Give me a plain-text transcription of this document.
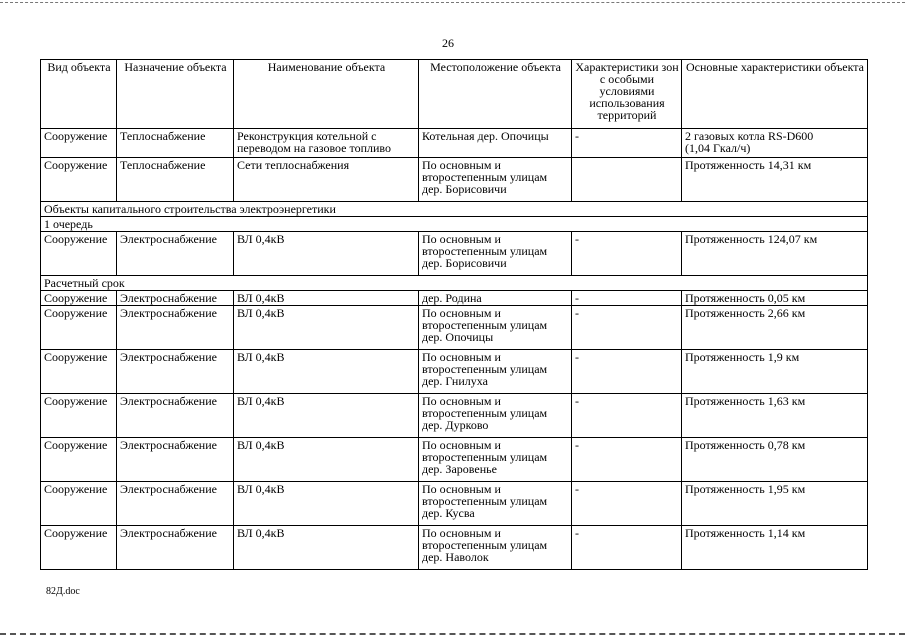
26
Вид объекта	Назначение объекта	Наименование объекта	Местоположение объекта	Характеристики зон с особыми условиями использования территорий	Основные характеристики объекта
Сооружение	Теплоснабжение	Реконструкция котельной с
переводом на газовое топливо	Котельная дер. Опочицы	-	2 газовых котла RS-D600
(1,04 Гкал/ч)
Сооружение	Теплоснабжение	Сети теплоснабжения	По основным и
второстепенным улицам
дер. Борисовичи		Протяженность 14,31 км
Объекты капитального строительства электроэнергетики					
1 очередь					
Сооружение	Электроснабжение	ВЛ 0,4кВ	По основным и
второстепенным улицам
дер. Борисовичи	-	Протяженность 124,07 км
Расчетный срок					
Сооружение	Электроснабжение	ВЛ 0,4кВ	дер. Родина	-	Протяженность 0,05 км
Сооружение	Электроснабжение	ВЛ 0,4кВ	По основным и
второстепенным улицам
дер. Опочицы	-	Протяженность 2,66 км
Сооружение	Электроснабжение	ВЛ 0,4кВ	По основным и
второстепенным улицам
дер. Гнилуха	-	Протяженность 1,9 км
Сооружение	Электроснабжение	ВЛ 0,4кВ	По основным и
второстепенным улицам
дер. Дурково	-	Протяженность 1,63 км
Сооружение	Электроснабжение	ВЛ 0,4кВ	По основным и
второстепенным улицам
дер. Заровенье	-	Протяженность 0,78 км
Сооружение	Электроснабжение	ВЛ 0,4кВ	По основным и
второстепенным улицам
дер. Кусва	-	Протяженность 1,95 км
Сооружение	Электроснабжение	ВЛ 0,4кВ	По основным и
второстепенным улицам
дер. Наволок	-	Протяженность 1,14 км
82Д.doc
